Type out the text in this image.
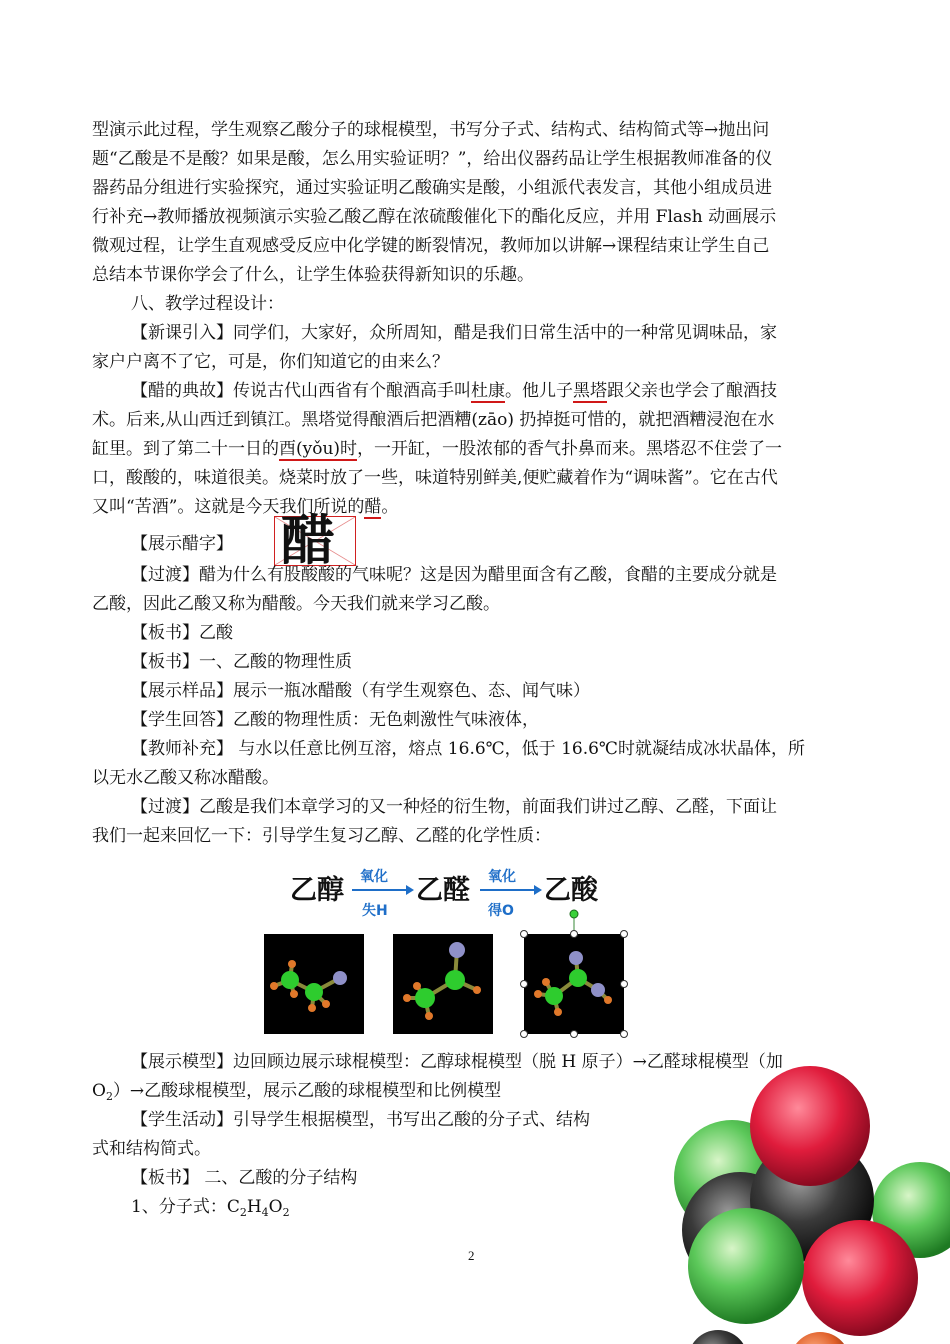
型演示此过程，学生观察乙酸分子的球棍模型，书写分子式、结构式、结构简式等→抛出问

题“乙酸是不是酸？如果是酸，怎么用实验证明？”，给出仪器药品让学生根据教师准备的仪

器药品分组进行实验探究，通过实验证明乙酸确实是酸，小组派代表发言，其他小组成员进

行补充→教师播放视频演示实验乙酸乙醇在浓硫酸催化下的酯化反应，并用 Flash 动画展示

微观过程，让学生直观感受反应中化学键的断裂情况，教师加以讲解→课程结束让学生自己

总结本节课你学会了什么，让学生体验获得新知识的乐趣。

八、教学过程设计：

【新课引入】同学们，大家好，众所周知，醋是我们日常生活中的一种常见调味品，家

家户户离不了它，可是，你们知道它的由来么？

【醋的典故】传说古代山西省有个酿酒高手叫杜康。他儿子黑塔跟父亲也学会了酿酒技

术。后来,从山西迁到镇江。黑塔觉得酿酒后把酒糟(zāo) 扔掉挺可惜的，就把酒糟浸泡在水

缸里。到了第二十一日的酉(yǒu)时，一开缸，一股浓郁的香气扑鼻而来。黑塔忍不住尝了一

口，酸酸的，味道很美。烧菜时放了一些，味道特别鲜美,便贮藏着作为“调味酱”。它在古代

又叫“苦酒”。这就是今天我们所说的醋。

【展示醋字】 醋

【过渡】醋为什么有股酸酸的气味呢？这是因为醋里面含有乙酸，食醋的主要成分就是

乙酸，因此乙酸又称为醋酸。今天我们就来学习乙酸。

【板书】乙酸

【板书】一、乙酸的物理性质

【展示样品】展示一瓶冰醋酸（有学生观察色、态、闻气味）

【学生回答】乙酸的物理性质：无色刺激性气味液体，

【教师补充】 与水以任意比例互溶，熔点 16.6℃，低于 16.6℃时就凝结成冰状晶体，所

以无水乙酸又称冰醋酸。

【过渡】乙酸是我们本章学习的又一种烃的衍生物，前面我们讲过乙醇、乙醛，下面让

我们一起来回忆一下：引导学生复习乙醇、乙醛的化学性质：

乙醇 氧化
失H
乙醛 氧化
得O
乙酸

【展示模型】边回顾边展示球棍模型：乙醇球棍模型（脱 H 原子）→乙醛球棍模型（加

$O_2)\to$乙酸球棍模型，展示乙酸的球棍模型和比例模型

【学生活动】引导学生根据模型，书写出乙酸的分子式、结构

式和结构简式。

【板书】 二、乙酸的分子结构

1、分子式：$C_2H_4O_2$

2
